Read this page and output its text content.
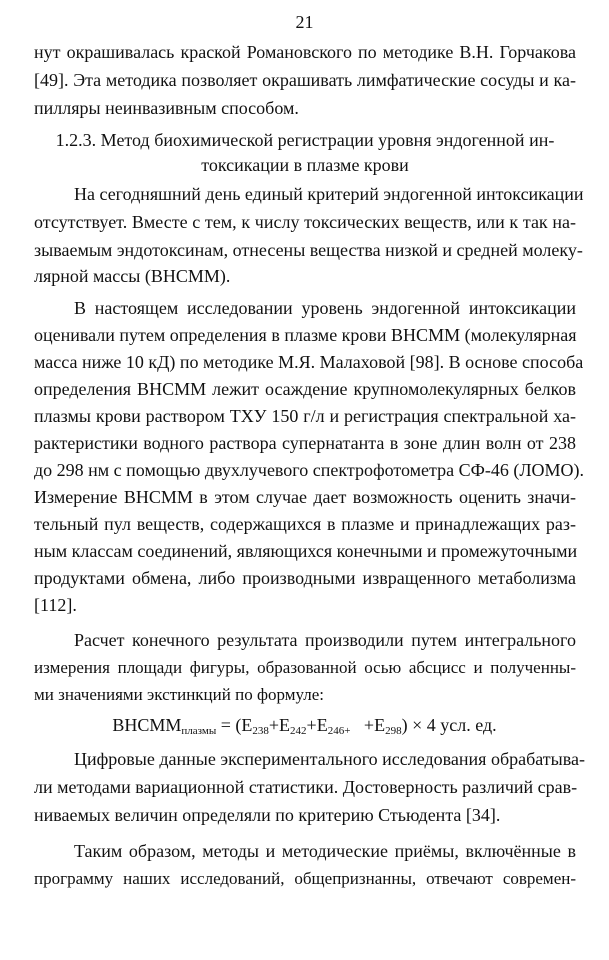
21
нут окрашивалась краской Романовского по методике В.Н. Горчакова
[49]. Эта методика позволяет окрашивать лимфатические сосуды и ка-
пилляры неинвазивным способом.
1.2.3. Метод биохимической регистрации уровня эндогенной ин-
токсикации в плазме крови
На сегодняшний день единый критерий эндогенной интоксикации
отсутствует. Вместе с тем, к числу токсических веществ, или к так на-
зываемым эндотоксинам, отнесены вещества низкой и средней молеку-
лярной массы (ВНСММ).
В настоящем исследовании уровень эндогенной интоксикации
оценивали путем определения в плазме крови ВНСММ (молекулярная
масса ниже 10 кД) по методике М.Я. Малаховой [98]. В основе способа
определения ВНСММ лежит осаждение крупномолекулярных белков
плазмы крови раствором ТХУ 150 г/л и регистрация спектральной ха-
рактеристики водного раствора супернатанта в зоне длин волн от 238
до 298 нм с помощью двухлучевого спектрофотометра СФ-46 (ЛОМО).
Измерение ВНСММ в этом случае дает возможность оценить значи-
тельный пул веществ, содержащихся в плазме и принадлежащих раз-
ным классам соединений, являющихся конечными и промежуточными
продуктами обмена, либо производными извращенного метаболизма
[112].
Расчет конечного результата производили путем интегрального
измерения площади фигуры, образованной осью абсцисс и полученны-
ми значениями экстинкций по формуле:
$ВНСММ_{плазмы} = (E_{238}+E_{242}+E_{246+} +E_{298}) \times 4$ усл. ед.
Цифровые данные экспериментального исследования обрабатыва-
ли методами вариационной статистики. Достоверность различий срав-
ниваемых величин определяли по критерию Стьюдента [34].
Таким образом, методы и методические приёмы, включённые в
программу наших исследований, общепризнанны, отвечают современ-
